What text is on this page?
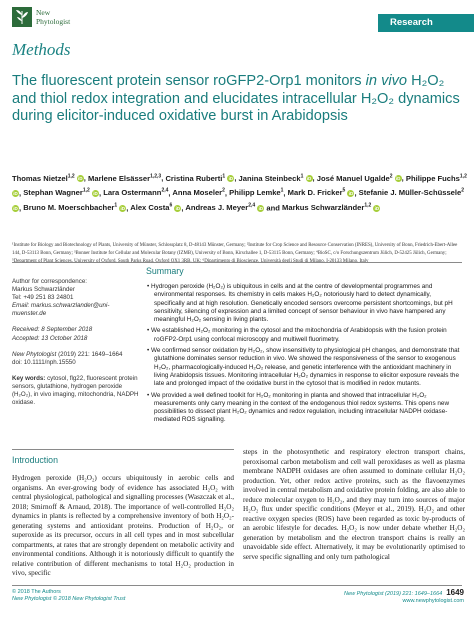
New
Phytologist	Research
Methods
The fluorescent protein sensor roGFP2-Orp1 monitors in vivo H₂O₂ and thiol redox integration and elucidates intracellular H₂O₂ dynamics during elicitor-induced oxidative burst in Arabidopsis
Thomas Nietzel$^{1,2}$ iD, Marlene Elsässer$^{1,2,3}$, Cristina Ruberti$^1$ iD, Janina Steinbeck$^1$ iD, José Manuel Ugalde$^2$ iD, Philippe Fuchs$^{1,2}$ iD, Stephan Wagner$^{1,2}$ iD, Lara Ostermann$^{2,4}$, Anna Moseler$^2$, Philipp Lemke$^1$, Mark D. Fricker$^5$ iD, Stefanie J. Müller-Schüssele$^2$ iD, Bruno M. Moerschbacher$^1$ iD, Alex Costa$^6$ iD, Andreas J. Meyer$^{2,4}$ iD and Markus Schwarzländer$^{1,2}$ iD
¹Institute for Biology and Biotechnology of Plants, University of Münster, Schlossplatz 8, D-48143 Münster, Germany; ²Institute for Crop Science and Resource Conservation (INRES), University of Bonn, Friedrich-Ebert-Allee 144, D-53113 Bonn, Germany; ³Bonner Institute for Cellular and Molecular Botany (IZMB), University of Bonn, Kirschallee 1, D-53115 Bonn, Germany; ⁴BioSC, c/o Forschungszentrum Jülich, D-52425 Jülich, Germany; ⁵Department of Plant Sciences, University of Oxford, South Parks Road, Oxford OX1 3RB, UK; ⁶Dipartimento di Bioscienze, Università degli Studi di Milano, I-20133 Milano, Italy
Author for correspondence:
Markus Schwarzländer
Tel: +49 251 83 24801
Email: markus.schwarzlander@uni-muenster.de
Received: 8 September 2018
Accepted: 13 October 2018
New Phytologist (2019) 221: 1649–1664
doi: 10.1111/nph.15550
Key words: cytosol, flg22, fluorescent protein sensors, glutathione, hydrogen peroxide (H₂O₂), in vivo imaging, mitochondria, NADPH oxidase.
Summary

• Hydrogen peroxide (H₂O₂) is ubiquitous in cells and at the centre of developmental programmes and environmental responses. Its chemistry in cells makes H₂O₂ notoriously hard to detect dynamically, specifically and at high resolution. Genetically encoded sensors overcome persistent shortcomings, but pH sensitivity, silencing of expression and a limited concept of sensor behaviour in vivo have hampered any meaningful H₂O₂ sensing in living plants.

• We established H₂O₂ monitoring in the cytosol and the mitochondria of Arabidopsis with the fusion protein roGFP2-Orp1 using confocal microscopy and multiwell fluorimetry.

• We confirmed sensor oxidation by H₂O₂, show insensitivity to physiological pH changes, and demonstrate that glutathione dominates sensor reduction in vivo. We showed the responsiveness of the sensor to exogenous H₂O₂, pharmacologically-induced H₂O₂ release, and genetic interference with the antioxidant machinery in living Arabidopsis tissues. Monitoring intracellular H₂O₂ dynamics in response to elicitor exposure reveals the late and prolonged impact of the oxidative burst in the cytosol that is modified in redox mutants.

• We provided a well defined toolkit for H₂O₂ monitoring in planta and showed that intracellular H₂O₂ measurements only carry meaning in the context of the endogenous thiol redox systems. This opens new possibilities to dissect plant H₂O₂ dynamics and redox regulation, including intracellular NADPH oxidase-mediated ROS signalling.

Introduction
Hydrogen peroxide (H₂O₂) occurs ubiquitously in aerobic cells and organisms. An ever-growing body of evidence has associated H₂O₂ with central physiological, pathological and signalling processes (Waszczak et al., 2018; Smirnoff & Arnaud, 2018). The importance of well-controlled H₂O₂ dynamics in plants is reflected by a comprehensive inventory of both H₂O₂-generating systems and antioxidant proteins. Production of H₂O₂, or superoxide as its precursor, occurs in all cell types and in most subcellular compartments, at rates that are strongly dependent on metabolic activity and environmental conditions. Although it is notoriously difficult to quantify the relative contribution of different mechanisms to total H₂O₂ production in vivo, specific
steps in the photosynthetic and respiratory electron transport chains, peroxisomal carbon metabolism and cell wall peroxidases as well as plasma membrane NADPH oxidases are often assumed to dominate cellular H₂O₂ production. Yet, other redox active proteins, such as the flavoenzymes involved in central metabolism and oxidative protein folding, are also able to reduce molecular oxygen to H₂O₂, and they may turn into sources of major H₂O₂ flux under specific conditions (Meyer et al., 2019). H₂O₂ and other reactive oxygen species (ROS) have been regarded as toxic by-products of an aerobic lifestyle for decades. H₂O₂ is now under debate whether H₂O₂ generation by metabolism and the electron transport chains is really an unavoidable side effect. Alternatively, it may be evolutionarily optimised to serve specific signalling and only turn pathological
© 2018 The Authors
New Phytologist © 2018 New Phytologist Trust
New Phytologist (2019) 221: 1649–1664 1649
www.newphytologist.com
